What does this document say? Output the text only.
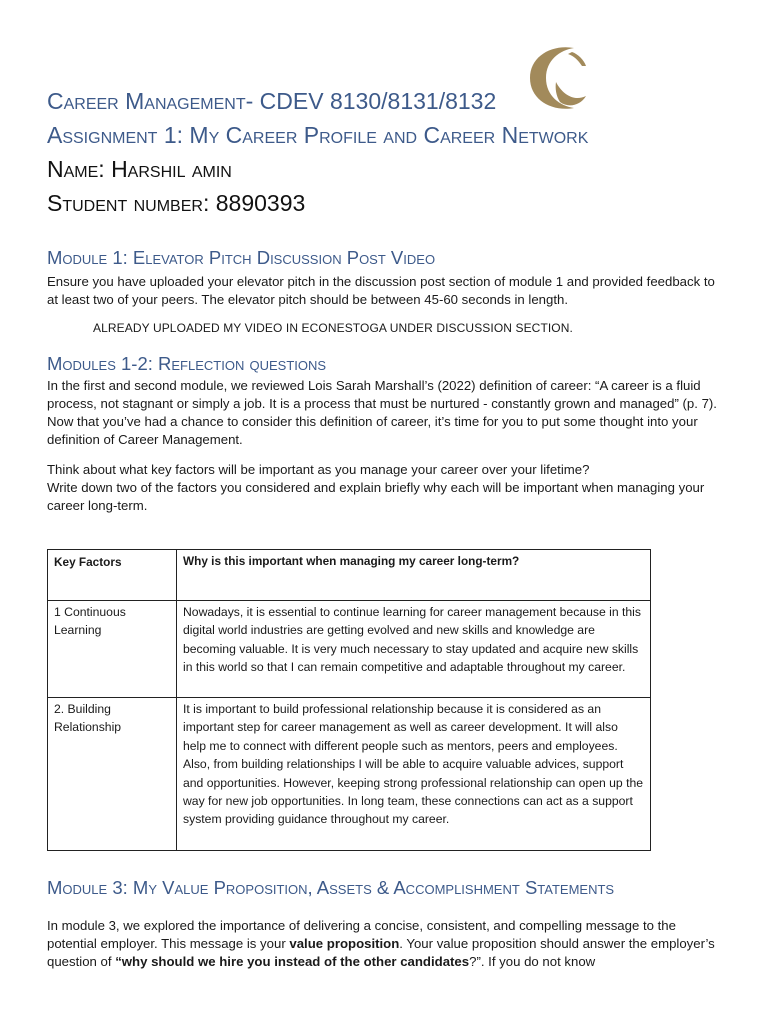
Career Management- CDEV 8130/8131/8132
Assignment 1: My Career Profile and Career Network
Name: Harshil amin
Student number: 8890393
Module 1: Elevator Pitch Discussion Post Video
Ensure you have uploaded your elevator pitch in the discussion post section of module 1 and provided feedback to at least two of your peers. The elevator pitch should be between 45-60 seconds in length.
ALREADY UPLOADED MY VIDEO IN ECONESTOGA UNDER DISCUSSION SECTION.
Modules 1-2: Reflection questions
In the first and second module, we reviewed Lois Sarah Marshall’s (2022) definition of career: “A career is a fluid process, not stagnant or simply a job. It is a process that must be nurtured - constantly grown and managed” (p. 7). Now that you’ve had a chance to consider this definition of career, it’s time for you to put some thought into your definition of Career Management.
Think about what key factors will be important as you manage your career over your lifetime?
Write down two of the factors you considered and explain briefly why each will be important when managing your career long-term.
Key Factors	Why is this important when managing my career long-term?
1 Continuous Learning	Nowadays, it is essential to continue learning for career management because in this digital world industries are getting evolved and new skills and knowledge are becoming valuable. It is very much necessary to stay updated and acquire new skills in this world so that I can remain competitive and adaptable throughout my career.
2. Building Relationship	It is important to build professional relationship because it is considered as an important step for career management as well as career development. It will also help me to connect with different people such as mentors, peers and employees. Also, from building relationships I will be able to acquire valuable advices, support and opportunities. However, keeping strong professional relationship can open up the way for new job opportunities. In long team, these connections can act as a support system providing guidance throughout my career.
Module 3: My Value Proposition, Assets & Accomplishment Statements
In module 3, we explored the importance of delivering a concise, consistent, and compelling message to the potential employer. This message is your value proposition. Your value proposition should answer the employer’s question of “why should we hire you instead of the other candidates?”. If you do not know
